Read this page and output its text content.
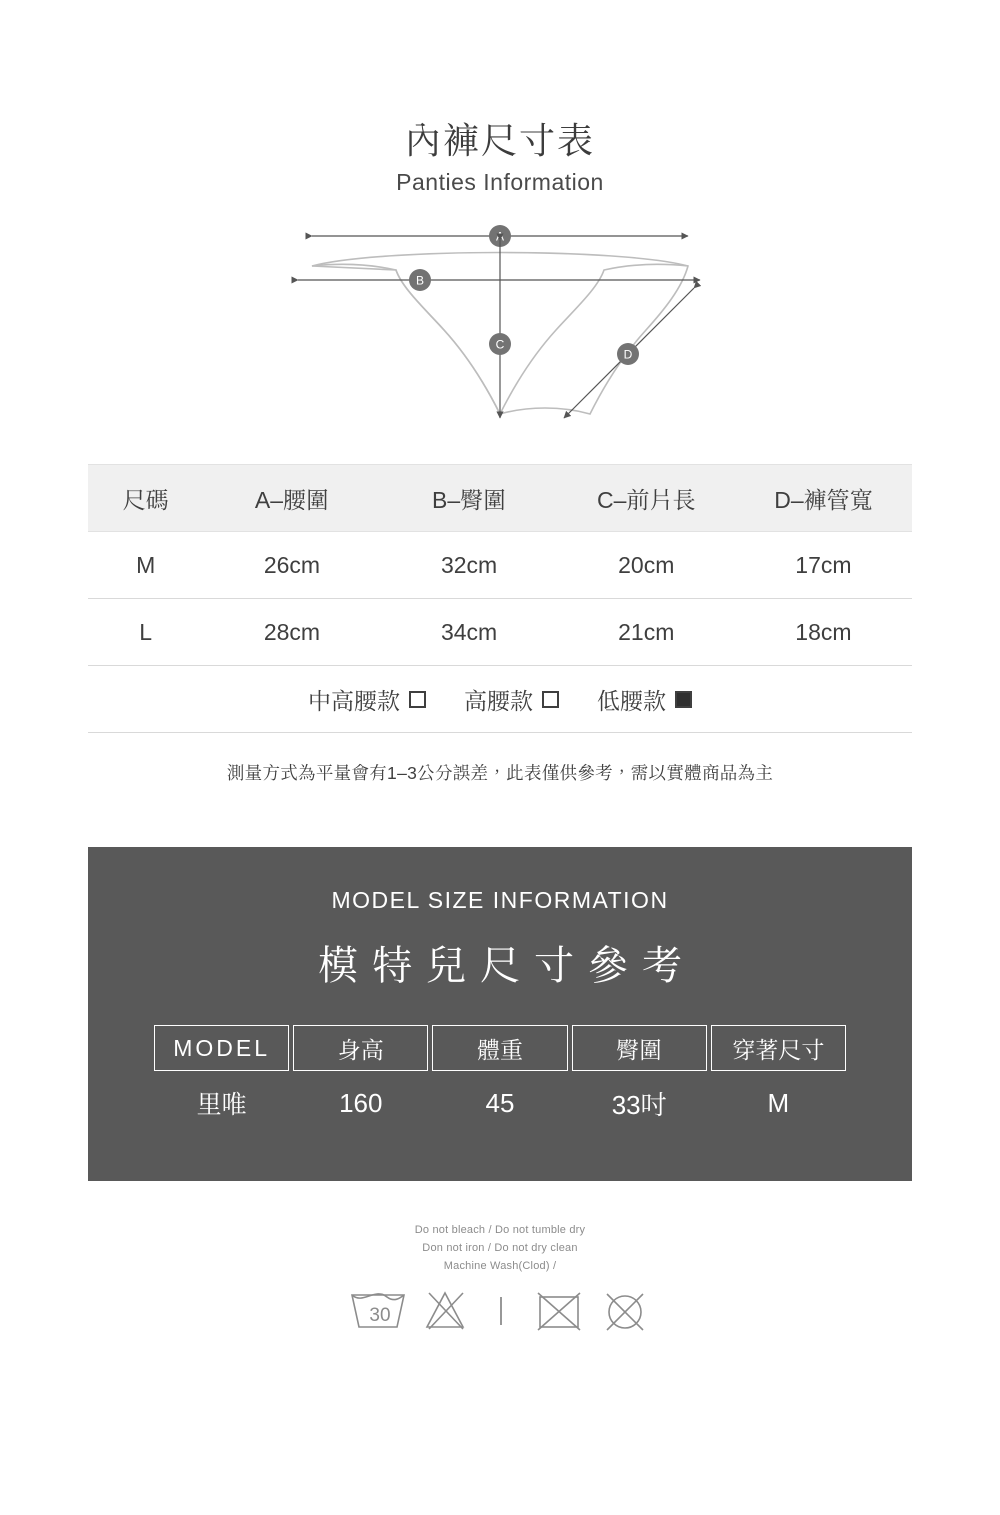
內褲尺寸表
Panties Information
A
B
C
D
尺碼	A–腰圍	B–臀圍	C–前片長	D–褲管寬
M	26cm	32cm	20cm	17cm
L	28cm	34cm	21cm	18cm

中高腰款 高腰款 低腰款				
測量方式為平量會有1–3公分誤差，此表僅供參考，需以實體商品為主
MODEL SIZE INFORMATION
模特兒尺寸參考
MODEL	身高	體重	臀圍	穿著尺寸
里唯	160	45	33吋	M
Do not bleach / Do not tumble dry
Don not iron / Do not dry clean
Machine Wash(Clod) /
30
